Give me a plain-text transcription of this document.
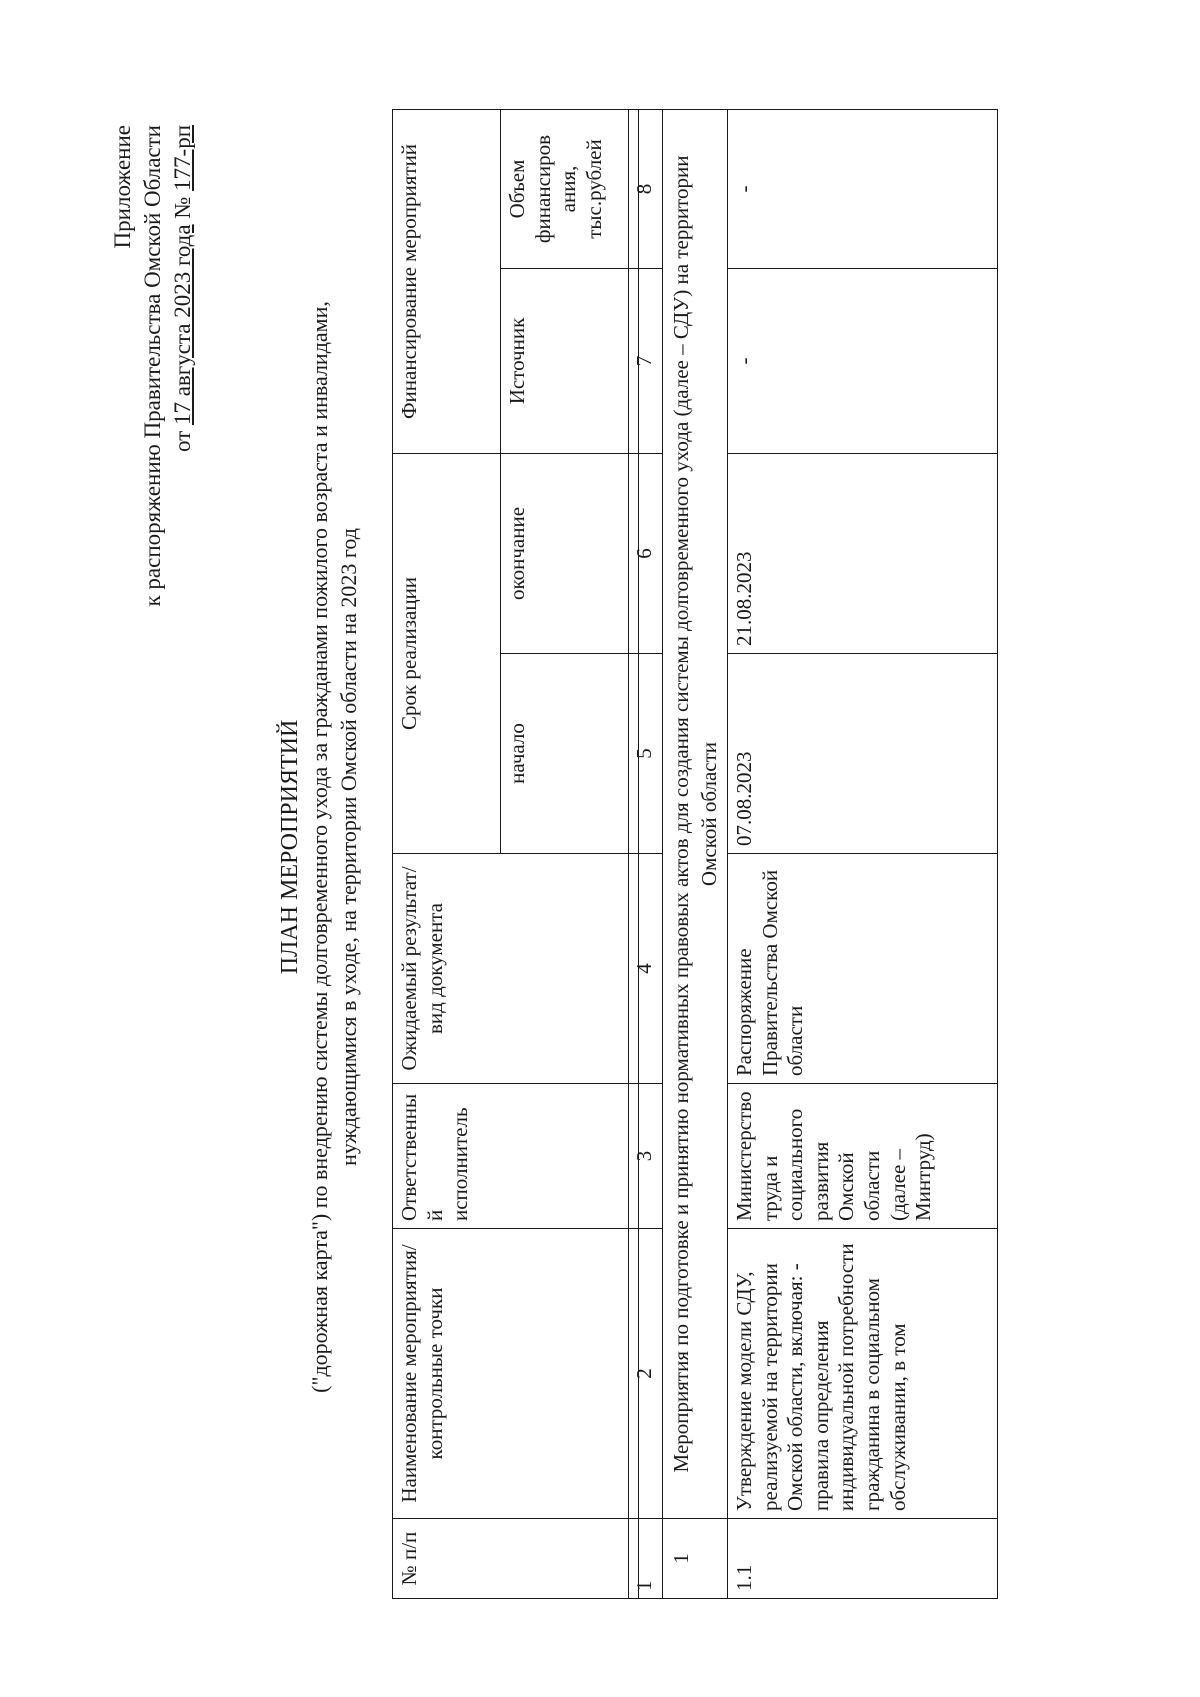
Приложение к распоряжению Правительства Омской Области от 17 августа 2023 года № 177-рп
ПЛАН МЕРОПРИЯТИЙ ("дорожная карта") по внедрению системы долговременного ухода за гражданами пожилого возраста и инвалидами, нуждающимися в уходе, на территории Омской области на 2023 год
№ п/п	Наименование мероприятия/ контрольные точки	Ответственны й исполнитель	Ожидаемый результат/вид документа	Срок реализации		Финансирование мероприятий	
				начало	окончание	Источник	Объем финансиров ания, тыс.рублей
1	2	3	4	5	6	7	8
1	Мероприятия по подготовке и принятию нормативных правовых актов для создания системы долговременного ухода (далее – СДУ) на территории Омской области						
1.1	Утверждение модели СДУ, реализуемой на территории Омской области, включая: - правила определения индивидуальной потребности гражданина в социальном обслуживании, в том	Министерство труда и социального развития Омской области (далее – Минтруд)	Распоряжение Правительства Омской области	07.08.2023	21.08.2023	-	-
